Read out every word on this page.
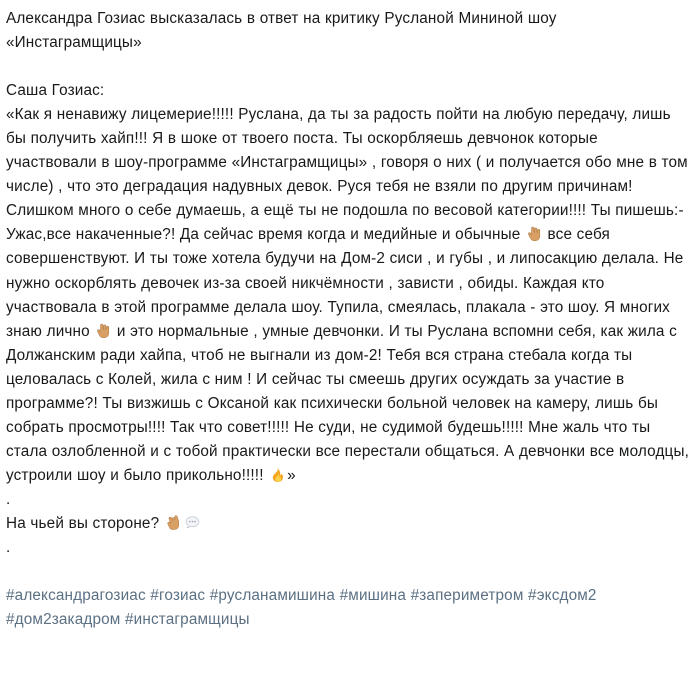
Александра Гозиас высказалась в ответ на критику Русланой Мининой шоу «Инстаграмщицы»

Саша Гозиас:

«Как я ненавижу лицемерие!!!!! Руслана, да ты за радость пойти на любую передачу, лишь бы получить хайп!!! Я в шоке от твоего поста. Ты оскорбляешь девчонок которые участвовали в шоу-программе «Инстаграмщицы» , говоря о них ( и получается обо мне в том числе) , что это деградация надувных девок. Руся тебя не взяли по другим причинам! Слишком много о себе думаешь, а ещё ты не подошла по весовой категории!!!! Ты пишешь:- Ужас,все накаченные?! Да сейчас время когда и медийные и обычные  все себя совершенствуют. И ты тоже хотела будучи на Дом-2 сиси , и губы , и липосакцию делала. Не нужно оскорблять девочек из-за своей никчёмности , зависти , обиды. Каждая кто участвовала в этой программе делала шоу. Тупила, смеялась, плакала - это шоу. Я многих знаю лично  и это нормальные , умные девчонки. И ты Руслана вспомни себя, как жила с Должанским ради хайпа, чтоб не выгнали из дом-2! Тебя вся страна стебала когда ты целовалась с Колей, жила с ним ! И сейчас ты смеешь других осуждать за участие в программе?! Ты визжишь с Оксаной как психически больной человек на камеру, лишь бы собрать просмотры!!!! Так что совет!!!!! Не суди, не судимой будешь!!!!! Мне жаль что ты стала озлобленной и с тобой практически все перестали общаться. А девчонки все молодцы, устроили шоу и было прикольно!!!!! »

.

На чьей вы стороне?

.

#александрагозиас #гозиас #русланамишина #мишина #запериметром #эксдом2

#дом2закадром #инстаграмщицы
